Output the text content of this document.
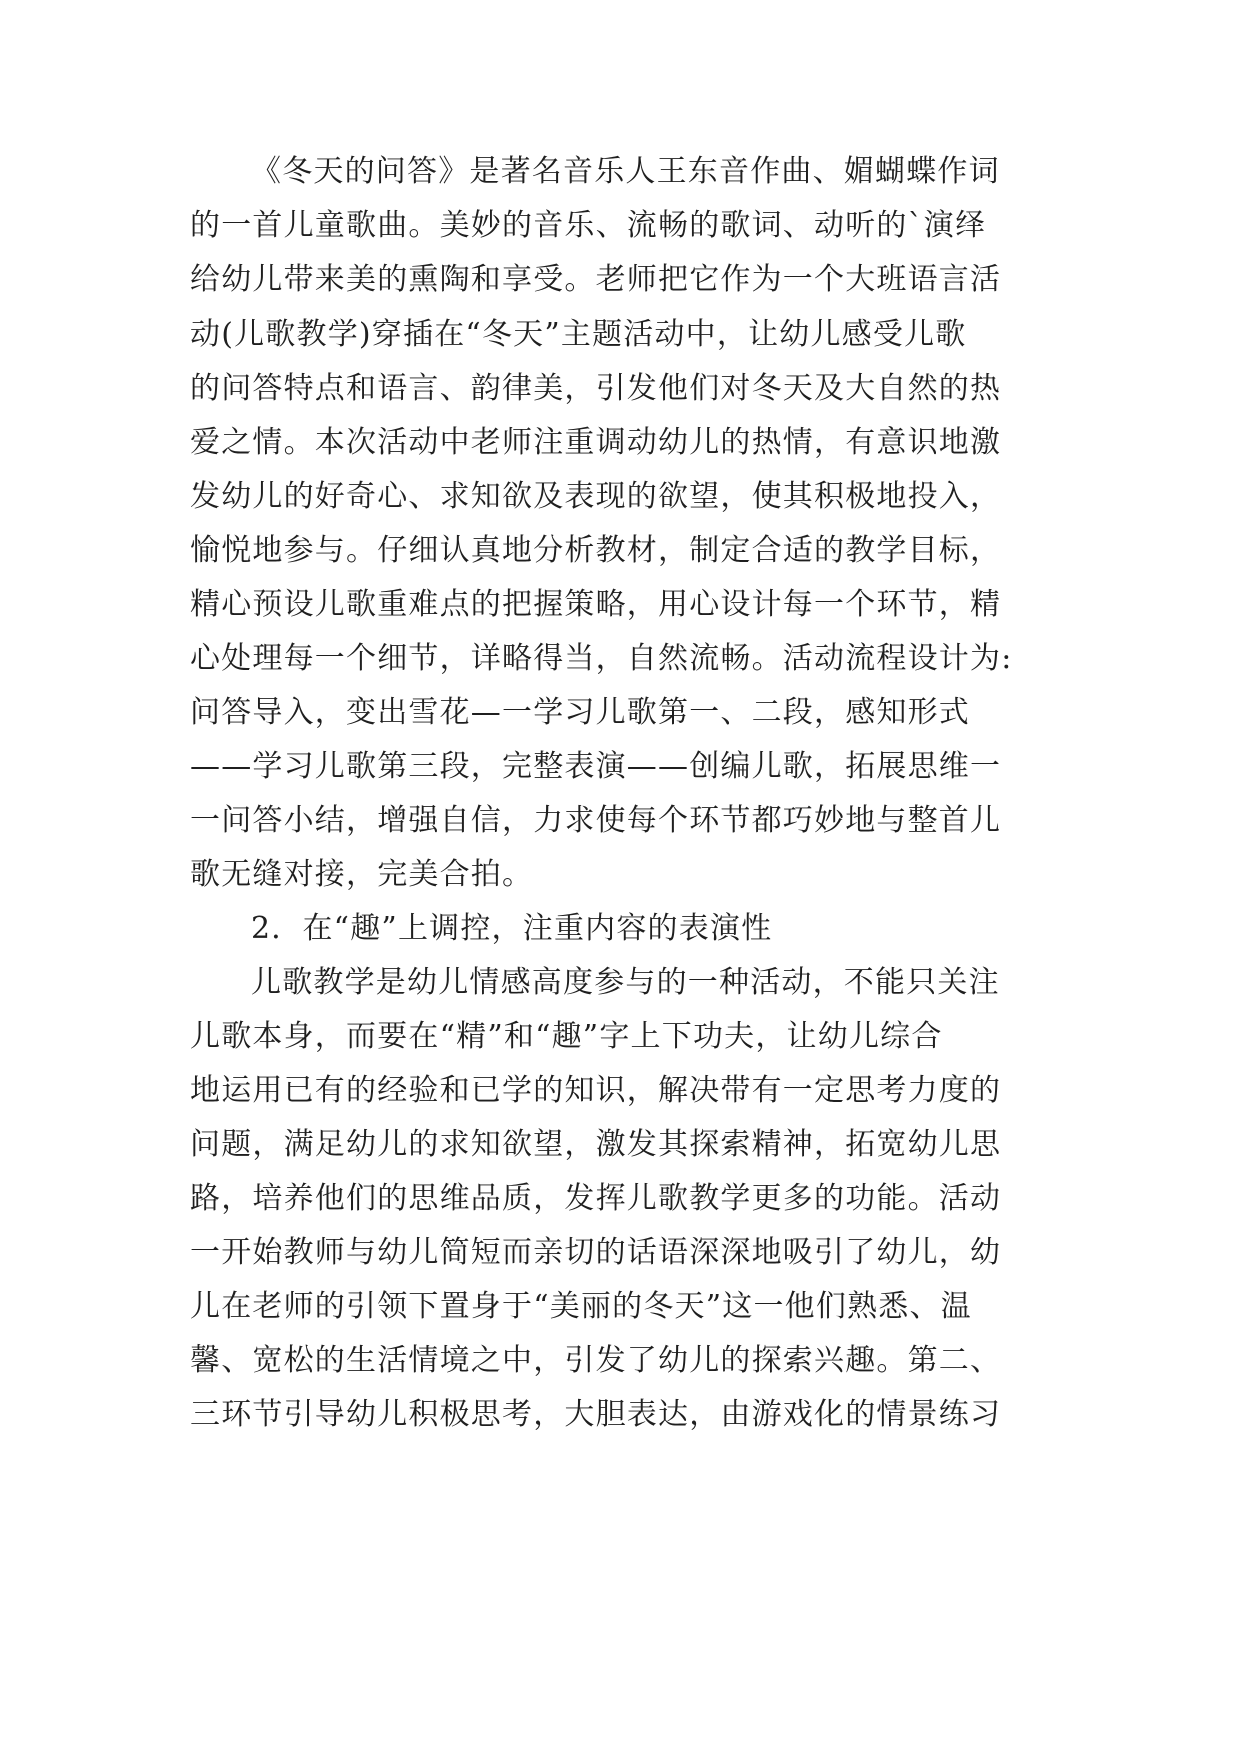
《冬天的问答》是著名音乐人王东音作曲、媚蝴蝶作词
的一首儿童歌曲。美妙的音乐、流畅的歌词、动听的`演绎
给幼儿带来美的熏陶和享受。老师把它作为一个大班语言活
动(儿歌教学)穿插在“冬天”主题活动中，让幼儿感受儿歌
的问答特点和语言、韵律美，引发他们对冬天及大自然的热
爱之情。本次活动中老师注重调动幼儿的热情，有意识地激
发幼儿的好奇心、求知欲及表现的欲望，使其积极地投入，
愉悦地参与。仔细认真地分析教材，制定合适的教学目标，
精心预设儿歌重难点的把握策略，用心设计每一个环节，精
心处理每一个细节，详略得当，自然流畅。活动流程设计为:
问答导入，变出雪花—一学习儿歌第一、二段，感知形式
——学习儿歌第三段，完整表演——创编儿歌，拓展思维一
一问答小结，增强自信，力求使每个环节都巧妙地与整首儿
歌无缝对接，完美合拍。
2．在“趣”上调控，注重内容的表演性
儿歌教学是幼儿情感高度参与的一种活动，不能只关注
儿歌本身，而要在“精”和“趣”字上下功夫，让幼儿综合
地运用已有的经验和已学的知识，解决带有一定思考力度的
问题，满足幼儿的求知欲望，激发其探索精神，拓宽幼儿思
路，培养他们的思维品质，发挥儿歌教学更多的功能。活动
一开始教师与幼儿简短而亲切的话语深深地吸引了幼儿，幼
儿在老师的引领下置身于“美丽的冬天”这一他们熟悉、温
馨、宽松的生活情境之中，引发了幼儿的探索兴趣。第二、
三环节引导幼儿积极思考，大胆表达，由游戏化的情景练习
